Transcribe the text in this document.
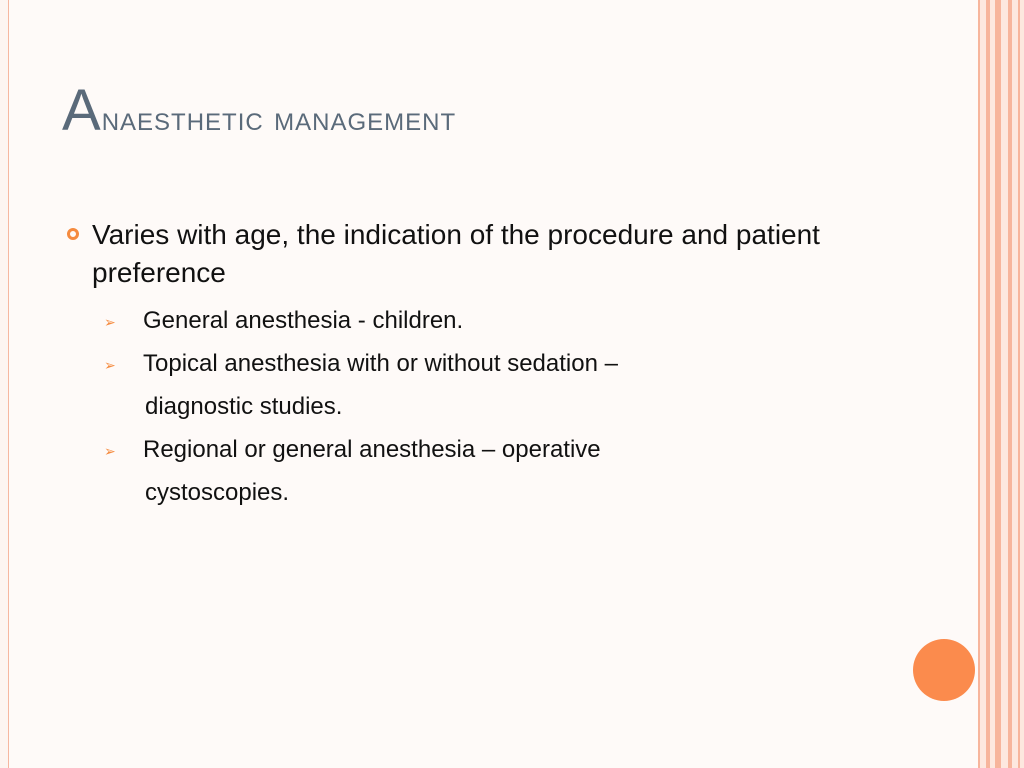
Anaesthetic management
Varies with age, the indication of the procedure and patient preference
➢ General anesthesia - children.
➢ Topical anesthesia with or without sedation –
diagnostic studies.
➢ Regional or general anesthesia – operative
cystoscopies.
